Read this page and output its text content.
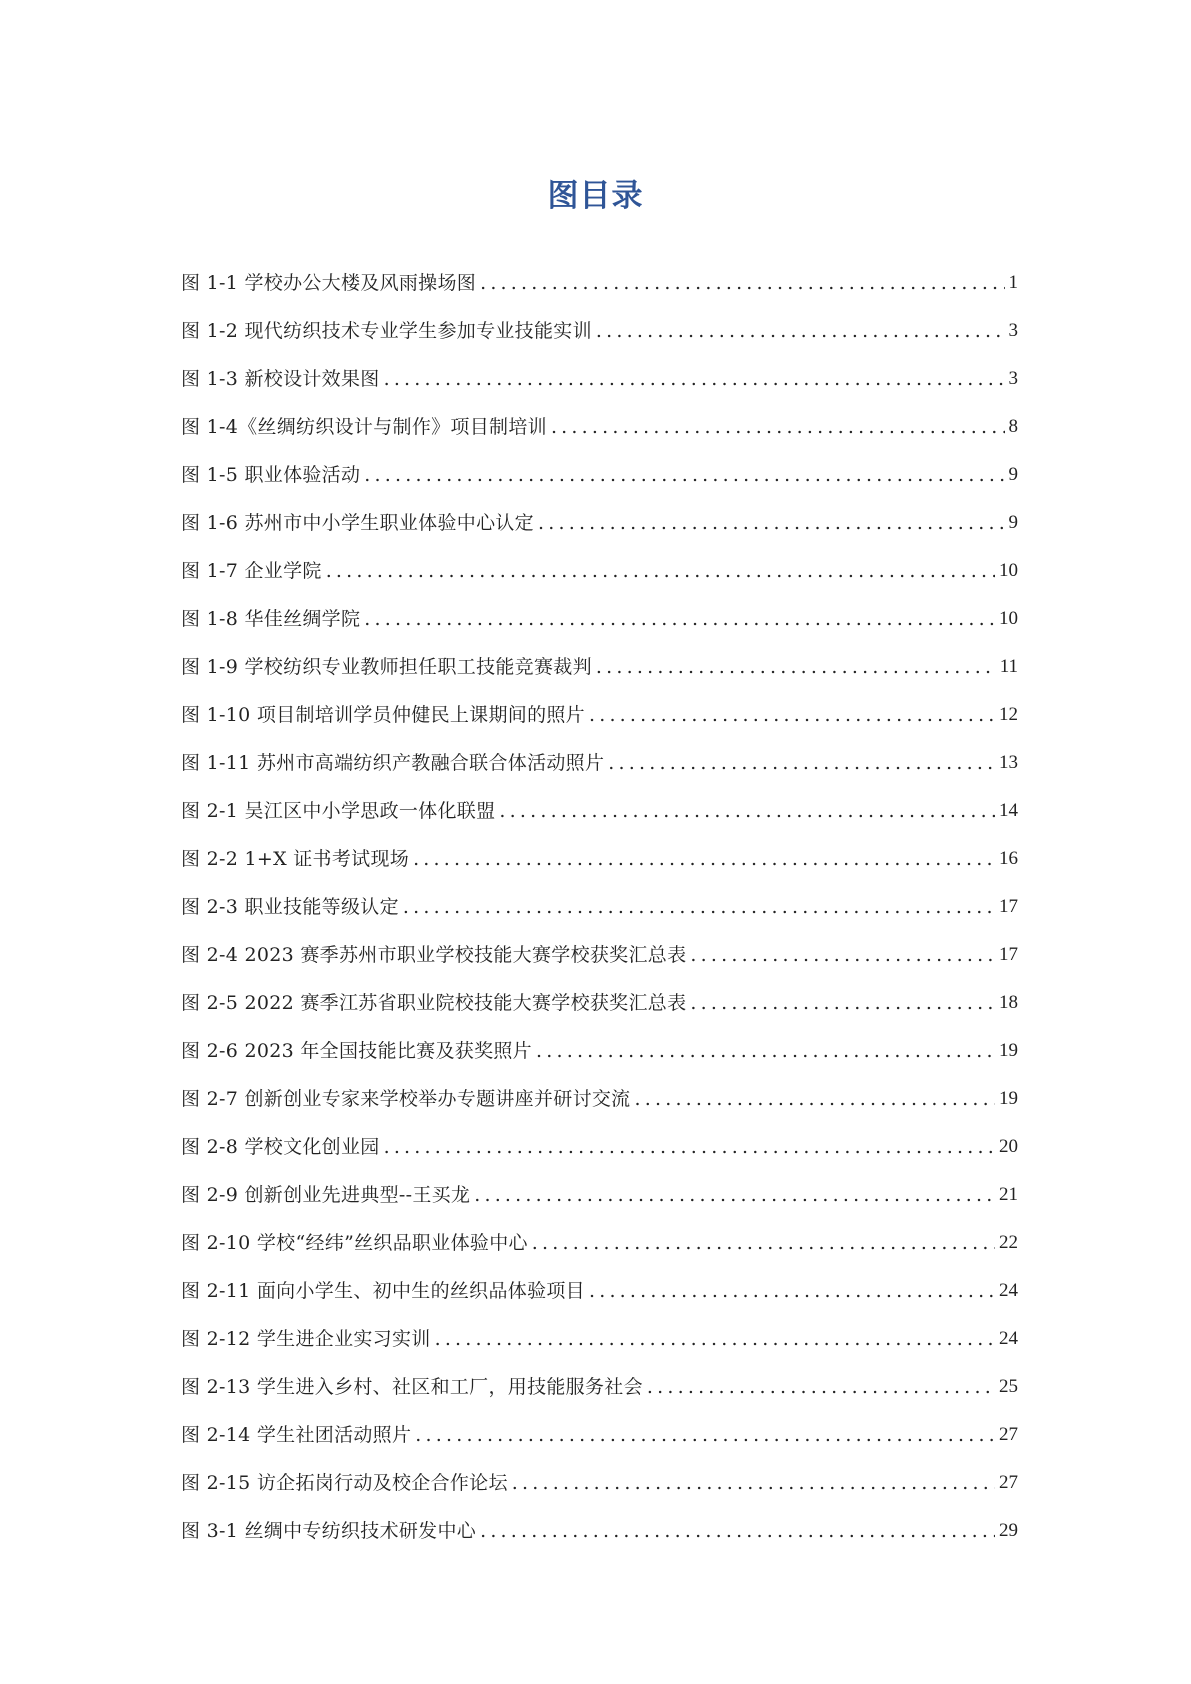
图目录
图 1-1 学校办公大楼及风雨操场图 .....	1
图 1-2 现代纺织技术专业学生参加专业技能实训 .....	3
图 1-3 新校设计效果图 .....	3
图 1-4《丝绸纺织设计与制作》项目制培训 .....	8
图 1-5 职业体验活动 .....	9
图 1-6 苏州市中小学生职业体验中心认定 .....	9
图 1-7 企业学院 .....	10
图 1-8 华佳丝绸学院 .....	10
图 1-9 学校纺织专业教师担任职工技能竞赛裁判 .....	11
图 1-10 项目制培训学员仲健民上课期间的照片 .....	12
图 1-11 苏州市高端纺织产教融合联合体活动照片 .....	13
图 2-1 吴江区中小学思政一体化联盟 .....	14
图 2-2 1+X 证书考试现场 .....	16
图 2-3 职业技能等级认定 .....	17
图 2-4 2023 赛季苏州市职业学校技能大赛学校获奖汇总表 .....	17
图 2-5 2022 赛季江苏省职业院校技能大赛学校获奖汇总表 .....	18
图 2-6 2023 年全国技能比赛及获奖照片 .....	19
图 2-7 创新创业专家来学校举办专题讲座并研讨交流 .....	19
图 2-8 学校文化创业园 .....	20
图 2-9 创新创业先进典型--王买龙 .....	21
图 2-10 学校“经纬”丝织品职业体验中心 .....	22
图 2-11 面向小学生、初中生的丝织品体验项目 .....	24
图 2-12 学生进企业实习实训 .....	24
图 2-13 学生进入乡村、社区和工厂，用技能服务社会 .....	25
图 2-14 学生社团活动照片 .....	27
图 2-15 访企拓岗行动及校企合作论坛 .....	27
图 3-1 丝绸中专纺织技术研发中心 .....	29
